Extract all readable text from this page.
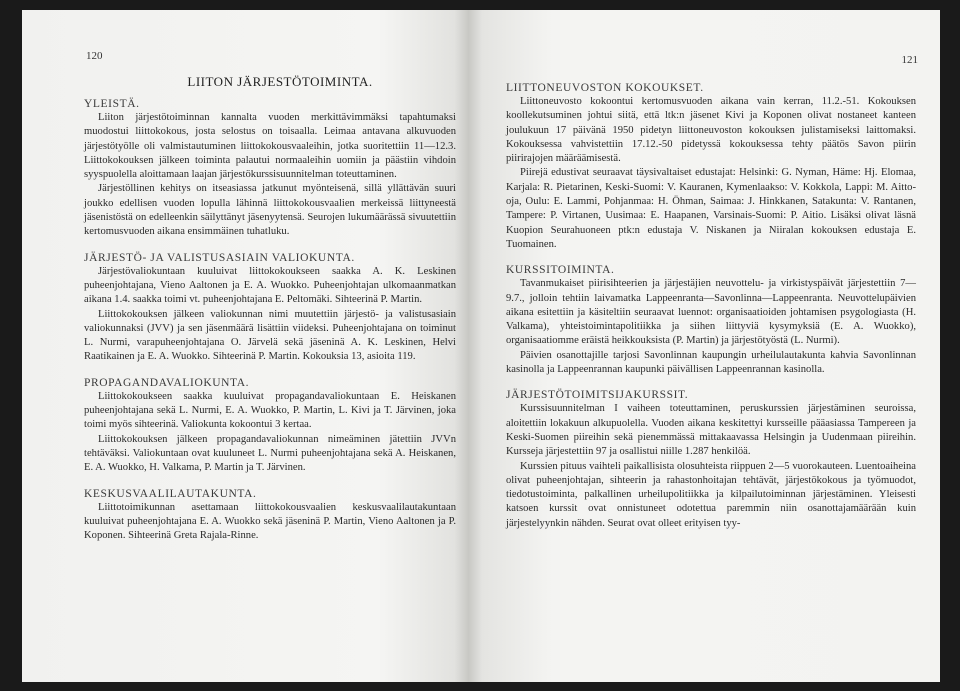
120
LIITON JÄRJESTÖTOIMINTA.
YLEISTÄ.

Liiton järjestötoiminnan kannalta vuoden merkittävimmäksi tapahtumaksi muodostui liittokokous, josta selostus on toisaalla. Leimaa antavana alkuvuoden järjestötyölle oli valmistautuminen liittokokousvaaleihin, jotka suoritettiin 11—12.3. Liittokokouksen jälkeen toiminta palautui normaaleihin uomiin ja päästiin vihdoin syyspuolella aloittamaan laajan järjestökurssisuunnitelman toteuttaminen.

Järjestöllinen kehitys on itseasiassa jatkunut myönteisenä, sillä yllättävän suuri joukko edellisen vuoden lopulla lähinnä liittokokousvaalien merkeissä liittyneestä jäsenistöstä on edelleenkin säilyttänyt jäsenyytensä. Seurojen lukumäärässä sivuutettiin kertomusvuoden aikana ensimmäinen tuhatluku.

JÄRJESTÖ- JA VALISTUSASIAIN VALIOKUNTA.

Järjestövaliokuntaan kuuluivat liittokokoukseen saakka A. K. Leskinen puheenjohtajana, Vieno Aaltonen ja E. A. Wuokko. Puheenjohtajan ulkomaanmatkan aikana 1.4. saakka toimi vt. puheenjohtajana E. Peltomäki. Sihteerinä P. Martin.

Liittokokouksen jälkeen valiokunnan nimi muutettiin järjestö- ja valistusasiain valiokunnaksi (JVV) ja sen jäsenmäärä lisättiin viideksi. Puheenjohtajana on toiminut L. Nurmi, varapuheenjohtajana O. Järvelä sekä jäseninä A. K. Leskinen, Helvi Raatikainen ja E. A. Wuokko. Sihteerinä P. Martin. Kokouksia 13, asioita 119.

PROPAGANDAVALIOKUNTA.

Liittokokoukseen saakka kuuluivat propagandavaliokuntaan E. Heiskanen puheenjohtajana sekä L. Nurmi, E. A. Wuokko, P. Martin, L. Kivi ja T. Järvinen, joka toimi myös sihteerinä. Valiokunta kokoontui 3 kertaa.

Liittokokouksen jälkeen propagandavaliokunnan nimeäminen jätettiin JVVn tehtäväksi. Valiokuntaan ovat kuuluneet L. Nurmi puheenjohtajana sekä A. Heiskanen, E. A. Wuokko, H. Valkama, P. Martin ja T. Järvinen.

KESKUSVAALILAUTAKUNTA.

Liittotoimikunnan asettamaan liittokokousvaalien keskusvaalilautakuntaan kuuluivat puheenjohtajana E. A. Wuokko sekä jäseninä P. Martin, Vieno Aaltonen ja P. Koponen. Sihteerinä Greta Rajala-Rinne.

121
LIITTONEUVOSTON KOKOUKSET.

Liittoneuvosto kokoontui kertomusvuoden aikana vain kerran, 11.2.-51. Kokouksen koollekutsuminen johtui siitä, että ltk:n jäsenet Kivi ja Koponen olivat nostaneet kanteen joulukuun 17 päivänä 1950 pidetyn liittoneuvoston kokouksen julistamiseksi laittomaksi. Kokouksessa vahvistettiin 17.12.-50 pidetyssä kokouksessa tehty päätös Savon piirin piirirajojen määräämisestä.

Piirejä edustivat seuraavat täysivaltaiset edustajat: Helsinki: G. Nyman, Häme: Hj. Elomaa, Karjala: R. Pietarinen, Keski-Suomi: V. Kauranen, Kymenlaakso: V. Kokkola, Lappi: M. Aitto-oja, Oulu: E. Lammi, Pohjanmaa: H. Öhman, Saimaa: J. Hinkkanen, Satakunta: V. Rantanen, Tampere: P. Virtanen, Uusimaa: E. Haapanen, Varsinais-Suomi: P. Aitio. Lisäksi olivat läsnä Kuopion Seurahuoneen ptk:n edustaja V. Niskanen ja Niiralan kokouksen edustaja E. Tuomainen.

KURSSITOIMINTA.

Tavanmukaiset piirisihteerien ja järjestäjien neuvottelu- ja virkistyspäivät järjestettiin 7—9.7., jolloin tehtiin laivamatka Lappeenranta—Savonlinna—Lappeenranta. Neuvottelupäivien aikana esitettiin ja käsiteltiin seuraavat luennot: organisaatioiden johtamisen psygologiasta (H. Valkama), yhteistoimintapolitiikka ja siihen liittyviä kysymyksiä (E. A. Wuokko), organisaatiomme eräistä heikkouksista (P. Martin) ja järjestötyöstä (L. Nurmi).

Päivien osanottajille tarjosi Savonlinnan kaupungin urheilulautakunta kahvia Savonlinnan kasinolla ja Lappeenrannan kaupunki päivällisen Lappeenrannan kasinolla.

JÄRJESTÖTOIMITSIJAKURSSIT.

Kurssisuunnitelman I vaiheen toteuttaminen, peruskurssien järjestäminen seuroissa, aloitettiin lokakuun alkupuolella. Vuoden aikana keskitettyi kursseille pääasiassa Tampereen ja Keski-Suomen piireihin sekä pienemmässä mittakaavassa Helsingin ja Uudenmaan piireihin. Kursseja järjestettiin 97 ja osallistui niille 1.287 henkilöä.

Kurssien pituus vaihteli paikallisista olosuhteista riippuen 2—5 vuorokauteen. Luentoaiheina olivat puheenjohtajan, sihteerin ja rahastonhoitajan tehtävät, järjestökokous ja työmuodot, tiedotustoiminta, palkallinen urheilupolitiikka ja kilpailutoiminnan järjestäminen. Yleisesti katsoen kurssit ovat onnistuneet odotettua paremmin niin osanottajamäärään kuin järjestelyynkin nähden. Seurat ovat olleet erityisen tyy-
